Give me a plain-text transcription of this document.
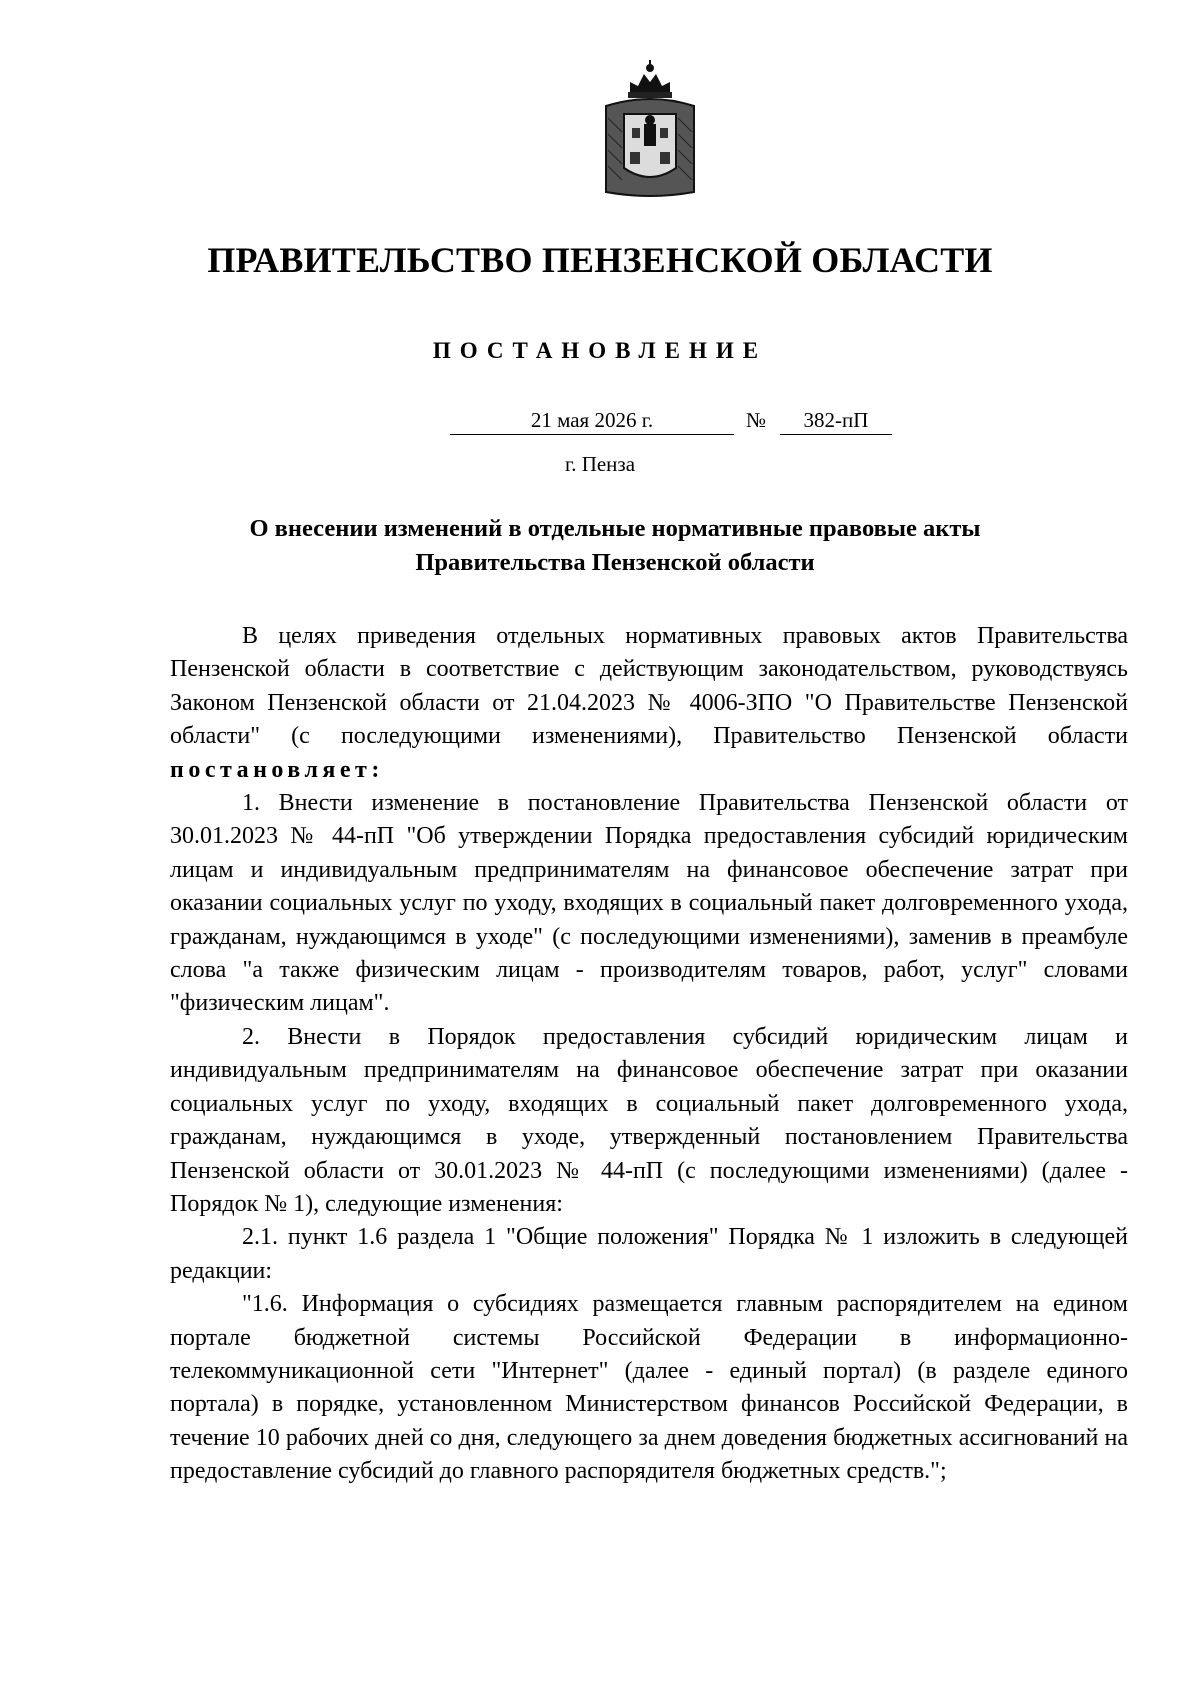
ПРАВИТЕЛЬСТВО ПЕНЗЕНСКОЙ ОБЛАСТИ
ПОСТАНОВЛЕНИЕ
21 мая 2026 г.	№	382-пП
г. Пенза
О внесении изменений в отдельные нормативные правовые акты
Правительства Пензенской области

В целях приведения отдельных нормативных правовых актов Правительства Пензенской области в соответствие с действующим законодательством, руководствуясь Законом Пензенской области от 21.04.2023 № 4006-ЗПО "О Правительстве Пензенской области" (с последующими изменениями), Правительство Пензенской области постановляет:

1. Внести изменение в постановление Правительства Пензенской области от 30.01.2023 № 44-пП "Об утверждении Порядка предоставления субсидий юридическим лицам и индивидуальным предпринимателям на финансовое обеспечение затрат при оказании социальных услуг по уходу, входящих в социальный пакет долговременного ухода, гражданам, нуждающимся в уходе" (с последующими изменениями), заменив в преамбуле слова "а также физическим лицам - производителям товаров, работ, услуг" словами "физическим лицам".

2. Внести в Порядок предоставления субсидий юридическим лицам и индивидуальным предпринимателям на финансовое обеспечение затрат при оказании социальных услуг по уходу, входящих в социальный пакет долговременного ухода, гражданам, нуждающимся в уходе, утвержденный постановлением Правительства Пензенской области от 30.01.2023 № 44-пП (с последующими изменениями) (далее - Порядок № 1), следующие изменения:

2.1. пункт 1.6 раздела 1 "Общие положения" Порядка № 1 изложить в следующей редакции:

"1.6. Информация о субсидиях размещается главным распорядителем на едином портале бюджетной системы Российской Федерации в информационно-телекоммуникационной сети "Интернет" (далее - единый портал) (в разделе единого портала) в порядке, установленном Министерством финансов Российской Федерации, в течение 10 рабочих дней со дня, следующего за днем доведения бюджетных ассигнований на предоставление субсидий до главного распорядителя бюджетных средств.";
